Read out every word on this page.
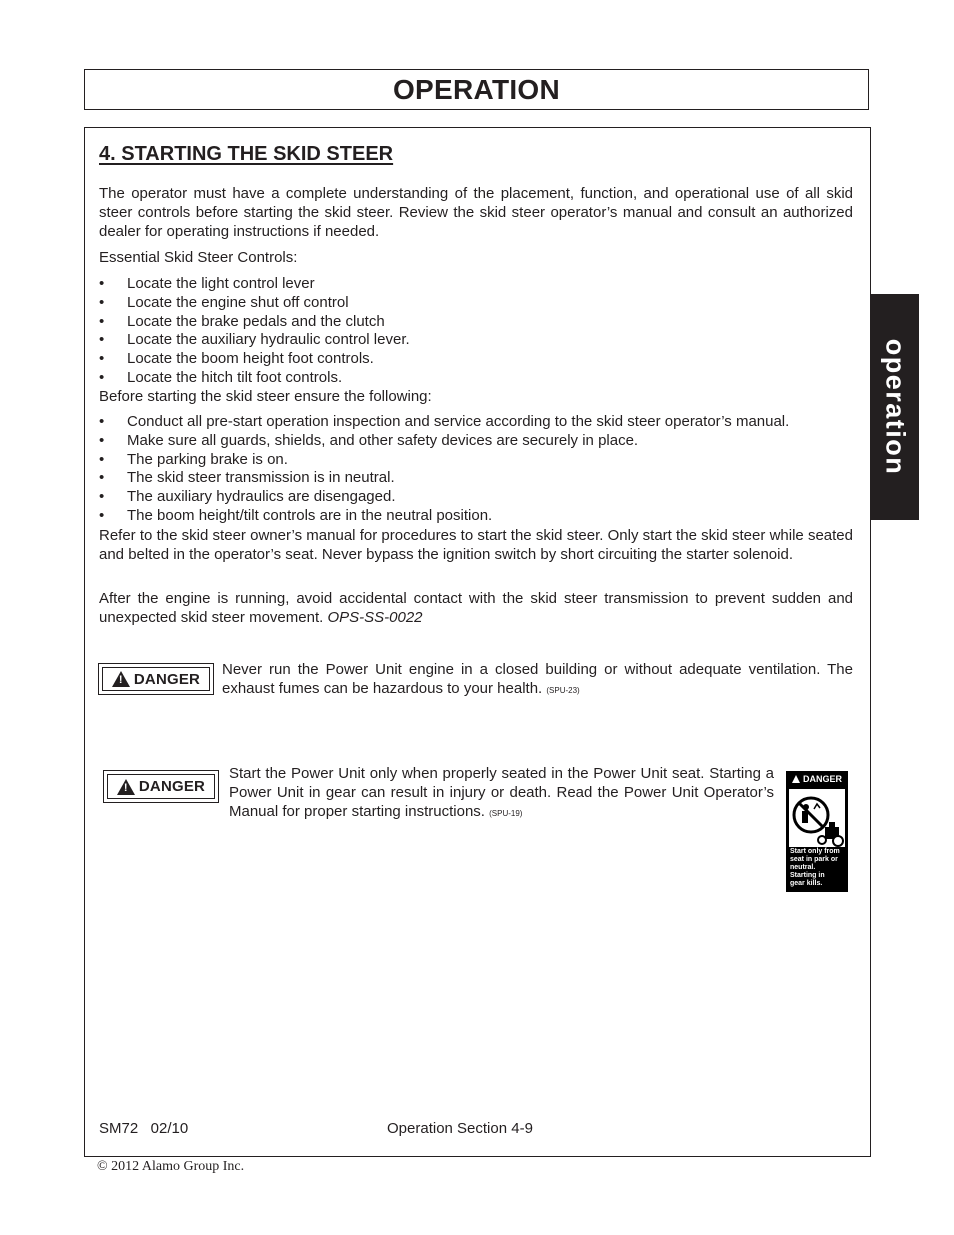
OPERATION
4. STARTING THE SKID STEER

The operator must have a complete understanding of the placement, function, and operational use of all skid steer controls before starting the skid steer. Review the skid steer operator’s manual and consult an authorized dealer for operating instructions if needed.

Essential Skid Steer Controls:

• Locate the light control lever
• Locate the engine shut off control
• Locate the brake pedals and the clutch
• Locate the auxiliary hydraulic control lever.
• Locate the boom height foot controls.
• Locate the hitch tilt foot controls.

Before starting the skid steer ensure the following:

• Conduct all pre-start operation inspection and service according to the skid steer operator’s manual.
• Make sure all guards, shields, and other safety devices are securely in place.
• The parking brake is on.
• The skid steer transmission is in neutral.
• The auxiliary hydraulics are disengaged.
• The boom height/tilt controls are in the neutral position.

Refer to the skid steer owner’s manual for procedures to start the skid steer. Only start the skid steer while seated and belted in the operator’s seat. Never bypass the ignition switch by short circuiting the starter solenoid.

After the engine is running, avoid accidental contact with the skid steer transmission to prevent sudden and unexpected skid steer movement. OPS-SS-0022

! DANGER

Never run the Power Unit engine in a closed building or without adequate ventilation. The exhaust fumes can be hazardous to your health. (SPU-23)

! DANGER

Start the Power Unit only when properly seated in the Power Unit seat. Starting a Power Unit in gear can result in injury or death. Read the Power Unit Operator’s Manual for proper starting instructions. (SPU-19)

DANGER

Start only from
seat in park or
neutral.
Starting in
gear kills.

SM72   02/10	Operation Section 4-9
© 2012 Alamo Group Inc.
operation
